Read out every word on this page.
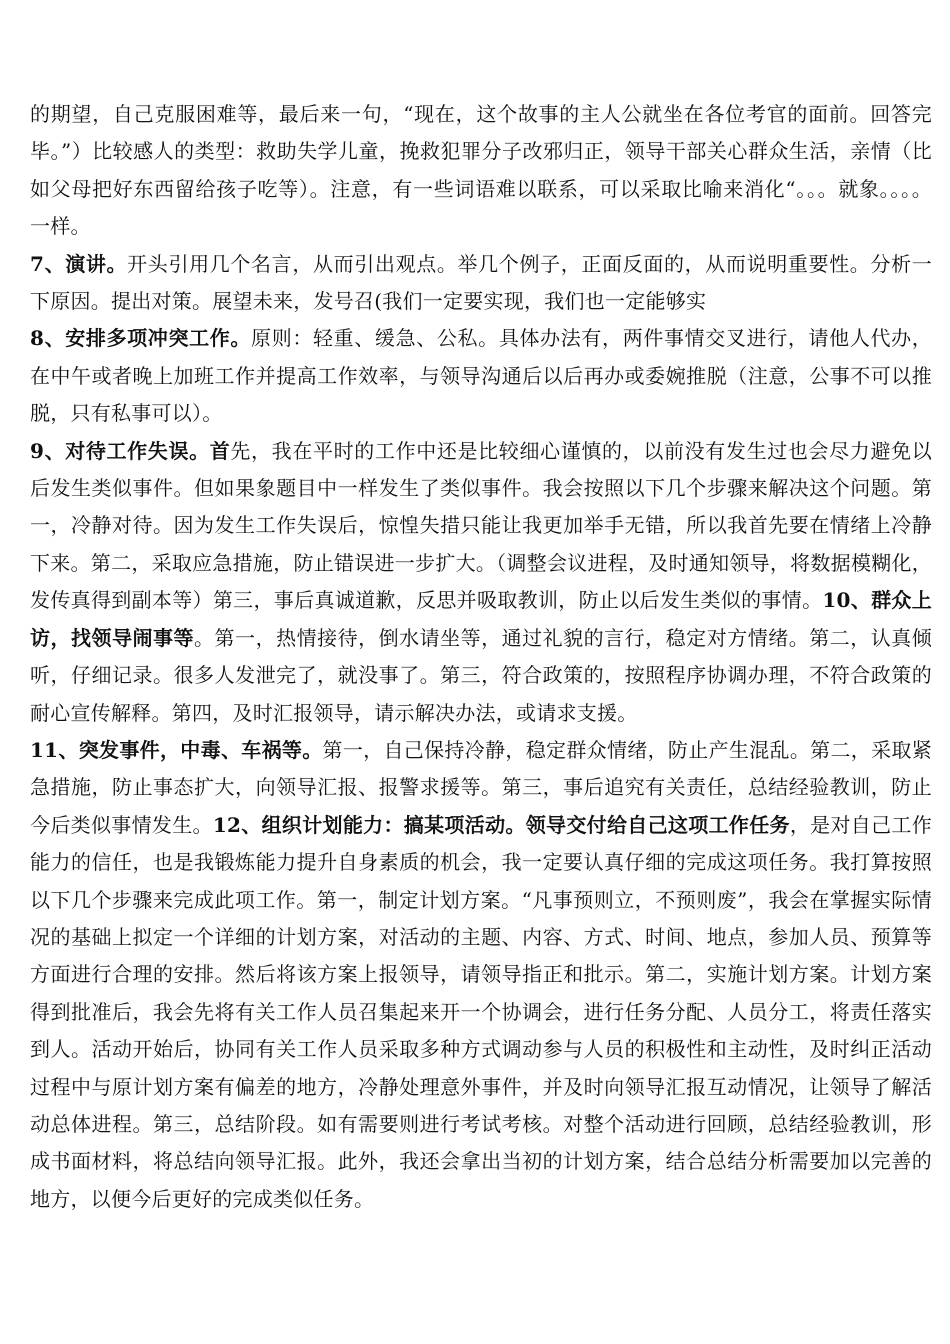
的期望，自己克服困难等，最后来一句，“现在，这个故事的主人公就坐在各位考官的面前。回答完毕。”）比较感人的类型：救助失学儿童，挽救犯罪分子改邪归正，领导干部关心群众生活，亲情（比如父母把好东西留给孩子吃等）。注意，有一些词语难以联系，可以采取比喻来消化“。。。就象。。。。一样。

7、演讲。开头引用几个名言，从而引出观点。举几个例子，正面反面的，从而说明重要性。分析一下原因。提出对策。展望未来，发号召(我们一定要实现，我们也一定能够实

8、安排多项冲突工作。原则：轻重、缓急、公私。具体办法有，两件事情交叉进行，请他人代办，在中午或者晚上加班工作并提高工作效率，与领导沟通后以后再办或委婉推脱（注意，公事不可以推脱，只有私事可以）。

9、对待工作失误。首先，我在平时的工作中还是比较细心谨慎的，以前没有发生过也会尽力避免以后发生类似事件。但如果象题目中一样发生了类似事件。我会按照以下几个步骤来解决这个问题。第一，冷静对待。因为发生工作失误后，惊惶失措只能让我更加举手无错，所以我首先要在情绪上冷静下来。第二，采取应急措施，防止错误进一步扩大。（调整会议进程，及时通知领导，将数据模糊化，发传真得到副本等）第三，事后真诚道歉，反思并吸取教训，防止以后发生类似的事情。10、群众上访，找领导闹事等。第一，热情接待，倒水请坐等，通过礼貌的言行，稳定对方情绪。第二，认真倾听，仔细记录。很多人发泄完了，就没事了。第三，符合政策的，按照程序协调办理，不符合政策的耐心宣传解释。第四，及时汇报领导，请示解决办法，或请求支援。

11、突发事件，中毒、车祸等。第一，自己保持冷静，稳定群众情绪，防止产生混乱。第二，采取紧急措施，防止事态扩大，向领导汇报、报警求援等。第三，事后追究有关责任，总结经验教训，防止今后类似事情发生。12、组织计划能力：搞某项活动。领导交付给自己这项工作任务，是对自己工作能力的信任，也是我锻炼能力提升自身素质的机会，我一定要认真仔细的完成这项任务。我打算按照以下几个步骤来完成此项工作。第一，制定计划方案。“凡事预则立，不预则废”，我会在掌握实际情况的基础上拟定一个详细的计划方案，对活动的主题、内容、方式、时间、地点，参加人员、预算等方面进行合理的安排。然后将该方案上报领导，请领导指正和批示。第二，实施计划方案。计划方案得到批准后，我会先将有关工作人员召集起来开一个协调会，进行任务分配、人员分工，将责任落实到人。活动开始后，协同有关工作人员采取多种方式调动参与人员的积极性和主动性，及时纠正活动过程中与原计划方案有偏差的地方，冷静处理意外事件，并及时向领导汇报互动情况，让领导了解活动总体进程。第三，总结阶段。如有需要则进行考试考核。对整个活动进行回顾，总结经验教训，形成书面材料，将总结向领导汇报。此外，我还会拿出当初的计划方案，结合总结分析需要加以完善的地方，以便今后更好的完成类似任务。
